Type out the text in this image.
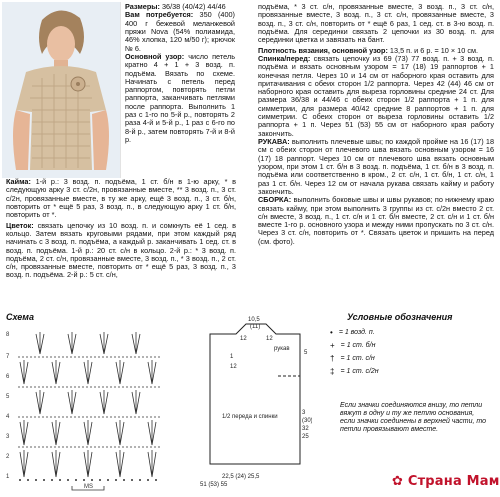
Размеры: 36/38 (40/42) 44/46
Вам потребуется: 350 (400) 400 г бежевой меланжевой пряжи Nova (54% полиамида, 46% хлопка, 120 м/50 г); крючок № 6.
Основной узор: число петель кратно 4 + 1 + 3 возд. п. подъёма. Вязать по схеме. Начинать с петель перед раппортом, повторять петли раппорта, заканчивать петлями после раппорта. Выполнить 1 раз с 1-го по 5-й р., повторять 2 раза 4-й и 5-й р., 1 раз с 6-го по 8-й р., затем повторять 7-й и 8-й р.
Кайма: 1-й р.: 3 возд. п. подъёма, 1 ст. б/н в 1-ю арку, * в следующую арку 3 ст. с/2н, провязанные вместе, ** 3 возд. п., 3 ст. с/2н, провязанные вместе, в ту же арку, ещё 3 возд. п., 3 ст. б/н, повторить от * ещё 5 раз, 3 возд. п., в следующую арку 1 ст. б/н, повторить от *.
Цветок: связать цепочку из 10 возд. п. и сомкнуть её 1 сед. в кольцо. Затем вязать круговыми рядами, при этом каждый ряд начинать с 3 возд. п. подъёма, а каждый р. заканчивать 1 сед. ст. в возд. п. подъёма. 1-й р.: 20 ст. с/н в кольцо. 2-й р.: * 3 возд. п. подъёма, 2 ст. с/н, провязанные вместе, 3 возд. п., * 3 возд. п., 2 ст. с/н, провязанные вместе, повторить от * ещё 5 раз, 3 возд. п., 3 возд. п. подъёма. 2-й р.: 5 ст. с/н,
подъёма, * 3 ст. с/н, провязанные вместе, 3 возд. п., 3 ст. с/н, провязанные вместе, 3 возд. п., 3 ст. с/н, провязанные вместе, 3 возд. п., 3 ст. с/н, повторить от * ещё 6 раз, 1 сед. ст. в 3-ю возд. п. подъёма. Для серединки связать 2 цепочки из 30 возд. п. для серединки цветка и завязать на бант.
Плотность вязания, основной узор: 13,5 п. и 6 р. = 10 × 10 см.
Спинка/перед: связать цепочку из 69 (73) 77 возд. п. + 3 возд. п. подъёма и вязать основным узором = 17 (18) 19 раппортов + 1 конечная петля. Через 10 и 14 см от наборного края оставить для притачивания с обеих сторон 1/2 раппорта. Через 42 (44) 46 см от наборного края оставить для выреза горловины средние 24 ст. Для размера 36/38 и 44/46 с обеих сторон 1/2 раппорта + 1 п. для симметрии, для размера 40/42 средние 8 раппортов + 1 п. для симметрии. С обеих сторон от выреза горловины оставить 1/2 раппорта + 1 п. Через 51 (53) 55 см от наборного края работу закончить.
РУКАВА: выполнить плечевые швы; по каждой пройме на 16 (17) 18 см с обеих сторон от плечевого шва вязать основным узором = 16 (17) 18 раппорт. Через 10 см от плечевого шва вязать основным узором, при этом 1 ст. б/н в 3 возд. п. подъёма, 1 ст. б/н в 3 возд. п. подъёма или соответственно в кром., 2 ст. с/н, 1 ст. б/н, 1 ст. с/н, 1 раз 1 ст. б/н. Через 12 см от начала рукава связать кайму и работу закончить.
СБОРКА: выполнить боковые швы и швы рукавов; по нижнему краю связать кайму, при этом выполнить 3 группы из ст. с/2н вместо 2 ст. с/н вместе, 3 возд. п., 1 ст. с/н и 1 ст. б/н вместе, 2 ст. с/н и 1 ст. б/н вместе 1-го р. основного узора и между ними пропускать по 3 ст. с/н. Через 3 ст. с/н, повторить от *. Связать цветок и пришить на перед (см. фото).
Схема	Условные обозначения
MS
8
7
6
5
4
3
2
1
10,5
(11)
12	12
1
12
рукав
5
3
(30)
32
25
1/2 переда и спинки
22,5 (24) 25,5
51 (53) 55
• = 1 возд. п.
+ = 1 ст. б/н
† = 1 ст. с/н
‡ = 1 ст. с/2н
Если значки соединяются внизу, то петли вяжут в одну и ту же петлю основания, если значки соединены в верхней части, то петли провязывают вместе.
✿ Страна Мам
